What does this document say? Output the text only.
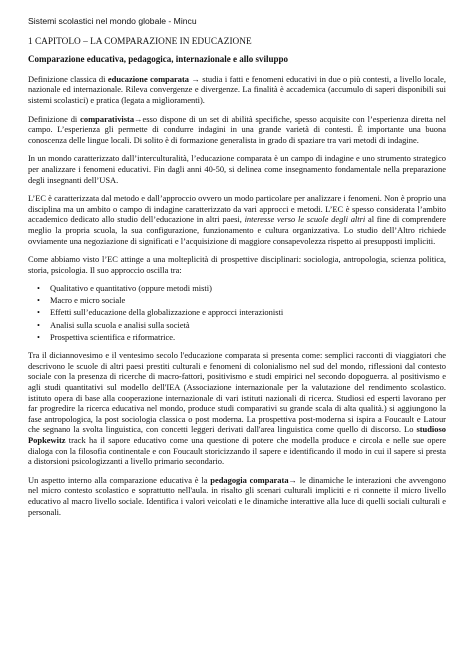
Sistemi scolastici nel mondo globale - Mincu
1 CAPITOLO – LA COMPARAZIONE IN EDUCAZIONE
Comparazione educativa, pedagogica, internazionale e allo sviluppo

Definizione classica di educazione comparata → studia i fatti e fenomeni educativi in due o più contesti, a livello locale, nazionale ed internazionale. Rileva convergenze e divergenze. La finalità è accademica (accumulo di saperi disponibili sui sistemi scolastici) e pratica (legata a miglioramenti).

Definizione di comparativista→esso dispone di un set di abilità specifiche, spesso acquisite con l’esperienza diretta nel campo. L’esperienza gli permette di condurre indagini in una grande varietà di contesti. È importante una buona conoscenza delle lingue locali. Di solito è di formazione generalista in grado di spaziare tra vari metodi di indagine.

In un mondo caratterizzato dall’interculturalità, l’educazione comparata è un campo di indagine e uno strumento strategico per analizzare i fenomeni educativi. Fin dagli anni 40-50, si delinea come insegnamento fondamentale nella preparazione degli insegnanti dell’USA.

L’EC è caratterizzata dal metodo e dall’approccio ovvero un modo particolare per analizzare i fenomeni. Non è proprio una disciplina ma un ambito o campo di indagine caratterizzato da vari approcci e metodi. L’EC è spesso considerata l’ambito accademico dedicato allo studio dell’educazione in altri paesi, interesse verso le scuole degli altri al fine di comprendere meglio la propria scuola, la sua configurazione, funzionamento e cultura organizzativa. Lo studio dell’Altro richiede ovviamente una negoziazione di significati e l’acquisizione di maggiore consapevolezza rispetto ai presupposti impliciti.

Come abbiamo visto l’EC attinge a una molteplicità di prospettive disciplinari: sociologia, antropologia, scienza politica, storia, psicologia. Il suo approccio oscilla tra:

• Qualitativo e quantitativo (oppure metodi misti)
• Macro e micro sociale
• Effetti sull’educazione della globalizzazione e approcci interazionisti
• Analisi sulla scuola e analisi sulla società
• Prospettiva scientifica e riformatrice.

Tra il diciannovesimo e il ventesimo secolo l'educazione comparata si presenta come: semplici racconti di viaggiatori che descrivono le scuole di altri paesi prestiti culturali e fenomeni di colonialismo nel sud del mondo, riflessioni dal contesto sociale con la presenza di ricerche di macro-fattori, positivismo e studi empirici nel secondo dopoguerra. al positivismo e agli studi quantitativi sul modello dell'IEA (Associazione internazionale per la valutazione del rendimento scolastico. istituto opera di base alla cooperazione internazionale di vari istituti nazionali di ricerca. Studiosi ed esperti lavorano per far progredire la ricerca educativa nel mondo, produce studi comparativi su grande scala di alta qualità.) si aggiungono la fase antropologica, la post sociologia classica o post moderna. La prospettiva post-moderna si ispira a Foucault e Latour che segnano la svolta linguistica, con concetti leggeri derivati dall'area linguistica come quello di discorso. Lo studioso Popkewitz track ha il sapore educativo come una questione di potere che modella produce e circola e nelle sue opere dialoga con la filosofia continentale e con Foucault storicizzando il sapere e identificando il modo in cui il sapere si presta a distorsioni psicologizzanti a livello primario secondario.

Un aspetto interno alla comparazione educativa è la pedagogia comparata→ le dinamiche le interazioni che avvengono nel micro contesto scolastico e soprattutto nell'aula. in risalto gli scenari culturali impliciti e ri connette il micro livello educativo al macro livello sociale. Identifica i valori veicolati e le dinamiche interattive alla luce di quelli sociali culturali e personali.
